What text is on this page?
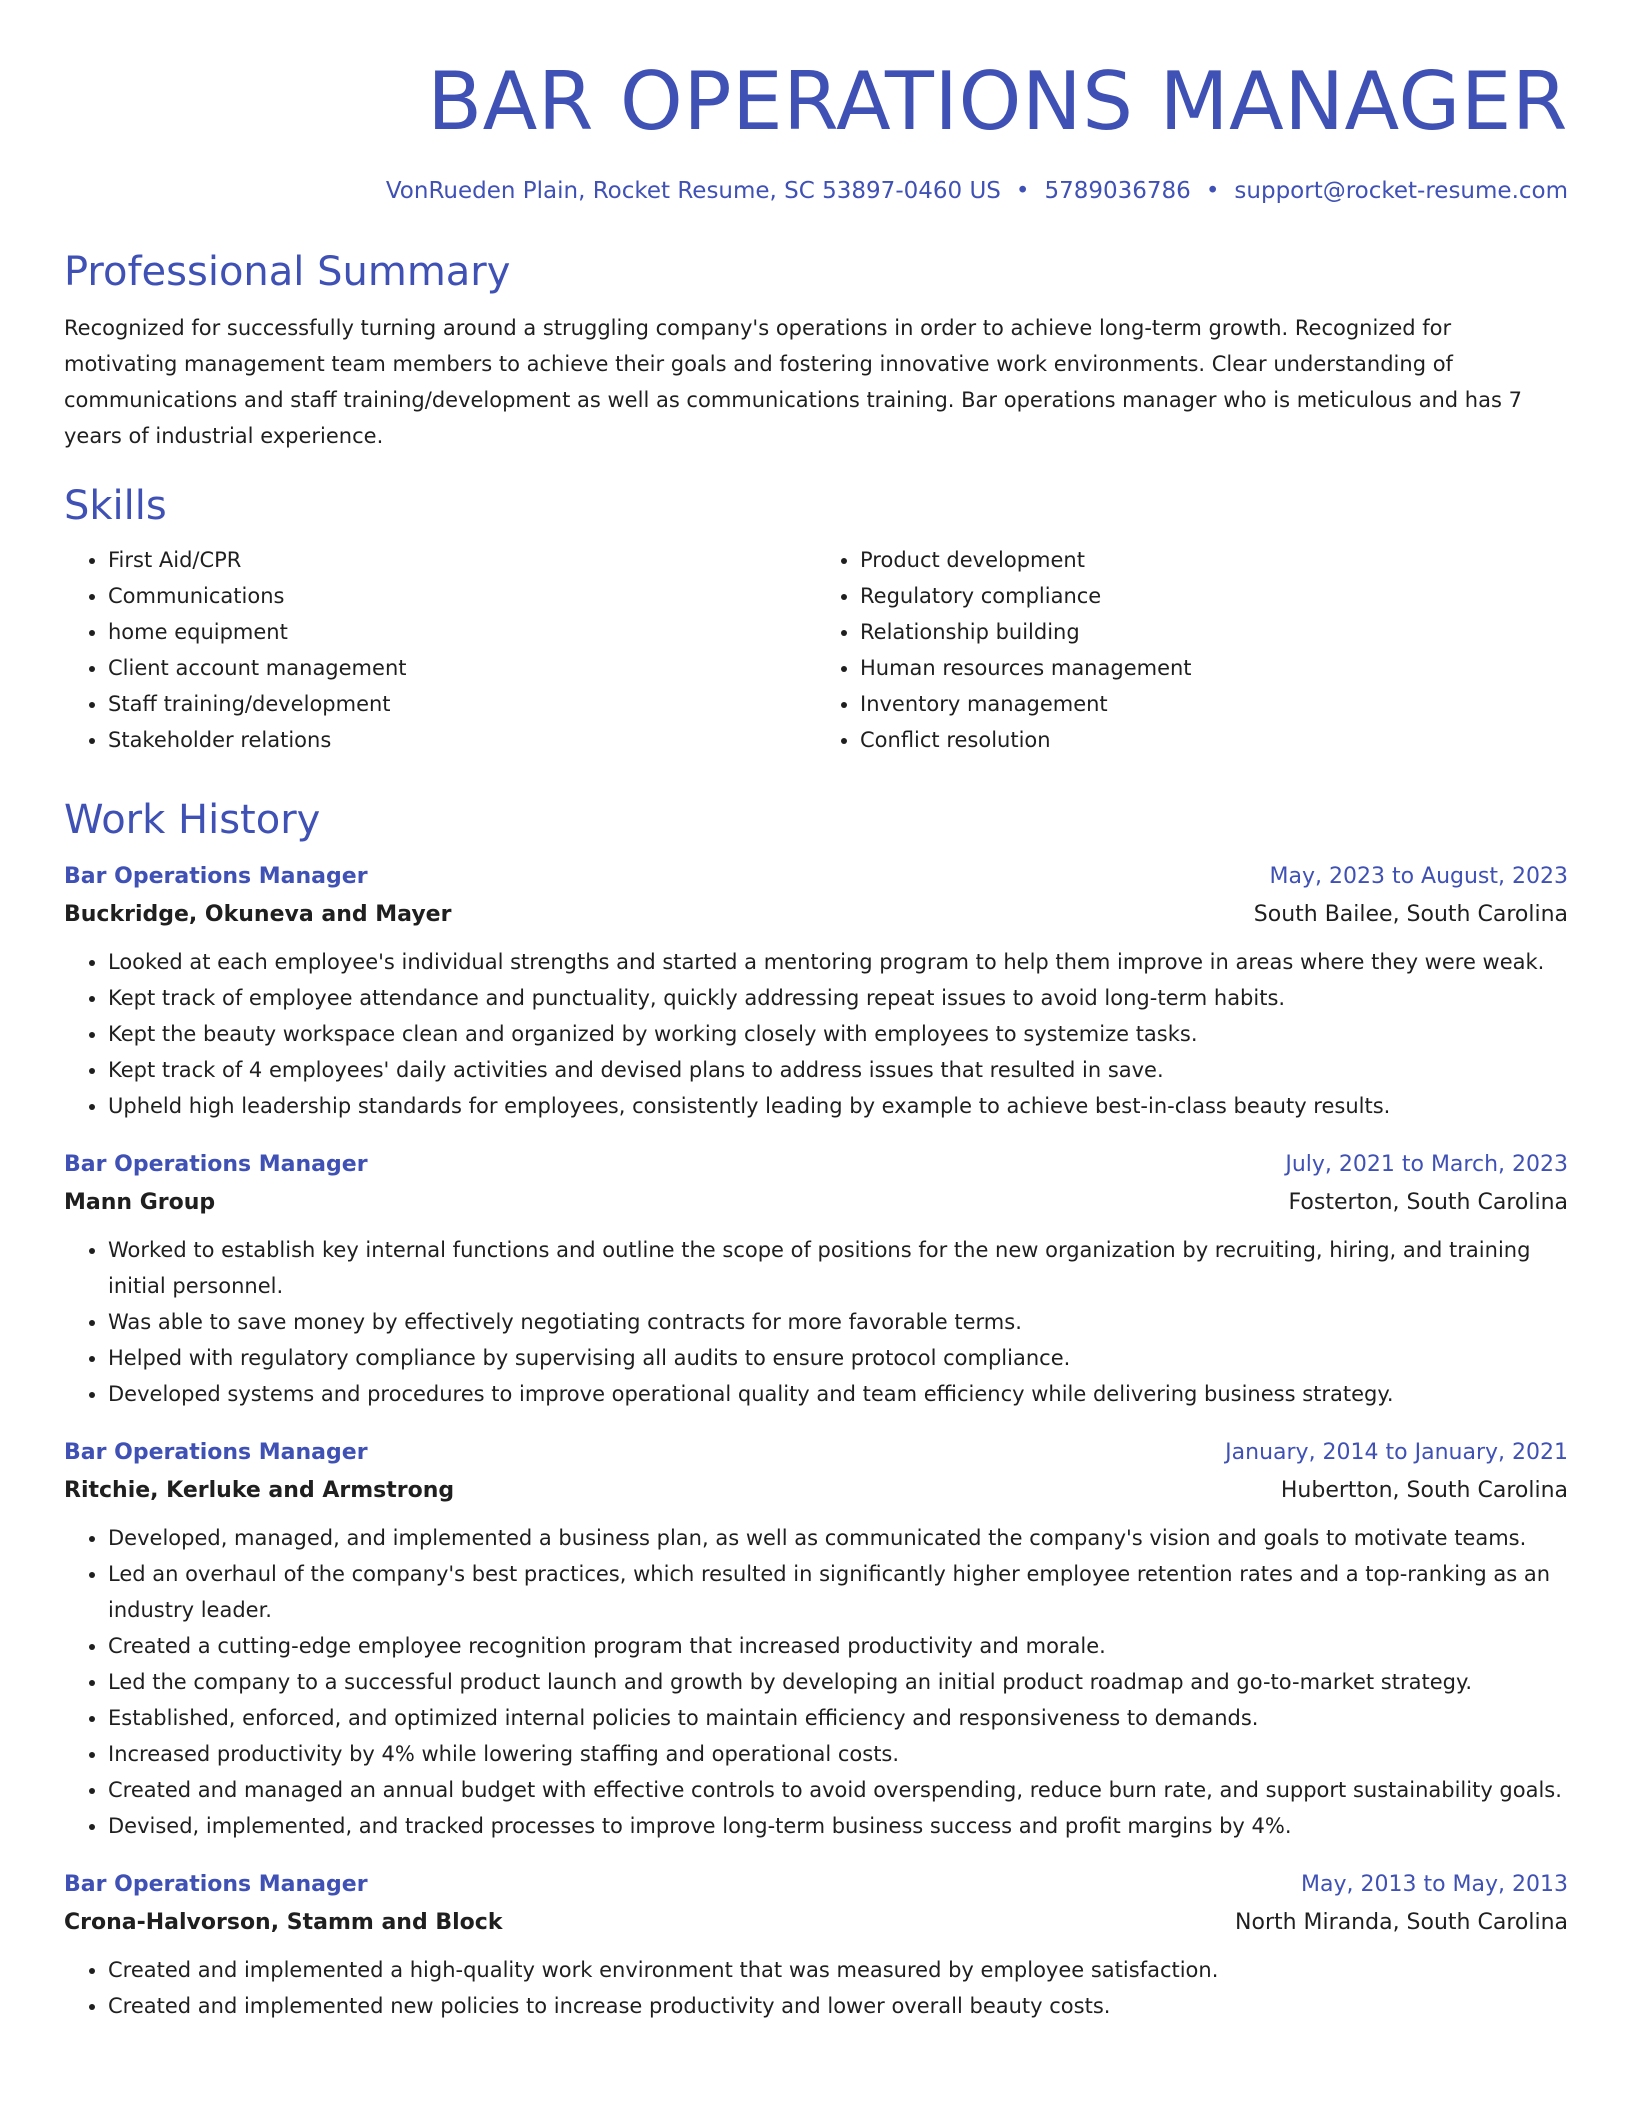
BAR OPERATIONS MANAGER
VonRueden Plain, Rocket Resume, SC 53897-0460 US • 5789036786 • support@rocket-resume.com
Professional Summary

Recognized for successfully turning around a struggling company's operations in order to achieve long-term growth. Recognized for motivating management team members to achieve their goals and fostering innovative work environments. Clear understanding of communications and staff training/development as well as communications training. Bar operations manager who is meticulous and has 7 years of industrial experience.

Skills
• First Aid/CPR
• Communications
• home equipment
• Client account management
• Staff training/development
• Stakeholder relations
• Product development
• Regulatory compliance
• Relationship building
• Human resources management
• Inventory management
• Conflict resolution
Work History
Bar Operations Manager	May, 2023 to August, 2023
Buckridge, Okuneva and Mayer	South Bailee, South Carolina
• Looked at each employee's individual strengths and started a mentoring program to help them improve in areas where they were weak.
• Kept track of employee attendance and punctuality, quickly addressing repeat issues to avoid long-term habits.
• Kept the beauty workspace clean and organized by working closely with employees to systemize tasks.
• Kept track of 4 employees' daily activities and devised plans to address issues that resulted in save.
• Upheld high leadership standards for employees, consistently leading by example to achieve best-in-class beauty results.
Bar Operations Manager	July, 2021 to March, 2023
Mann Group	Fosterton, South Carolina
• Worked to establish key internal functions and outline the scope of positions for the new organization by recruiting, hiring, and training initial personnel.
• Was able to save money by effectively negotiating contracts for more favorable terms.
• Helped with regulatory compliance by supervising all audits to ensure protocol compliance.
• Developed systems and procedures to improve operational quality and team efficiency while delivering business strategy.
Bar Operations Manager	January, 2014 to January, 2021
Ritchie, Kerluke and Armstrong	Hubertton, South Carolina
• Developed, managed, and implemented a business plan, as well as communicated the company's vision and goals to motivate teams.
• Led an overhaul of the company's best practices, which resulted in significantly higher employee retention rates and a top-ranking as an industry leader.
• Created a cutting-edge employee recognition program that increased productivity and morale.
• Led the company to a successful product launch and growth by developing an initial product roadmap and go-to-market strategy.
• Established, enforced, and optimized internal policies to maintain efficiency and responsiveness to demands.
• Increased productivity by 4% while lowering staffing and operational costs.
• Created and managed an annual budget with effective controls to avoid overspending, reduce burn rate, and support sustainability goals.
• Devised, implemented, and tracked processes to improve long-term business success and profit margins by 4%.
Bar Operations Manager	May, 2013 to May, 2013
Crona-Halvorson, Stamm and Block	North Miranda, South Carolina
• Created and implemented a high-quality work environment that was measured by employee satisfaction.
• Created and implemented new policies to increase productivity and lower overall beauty costs.
